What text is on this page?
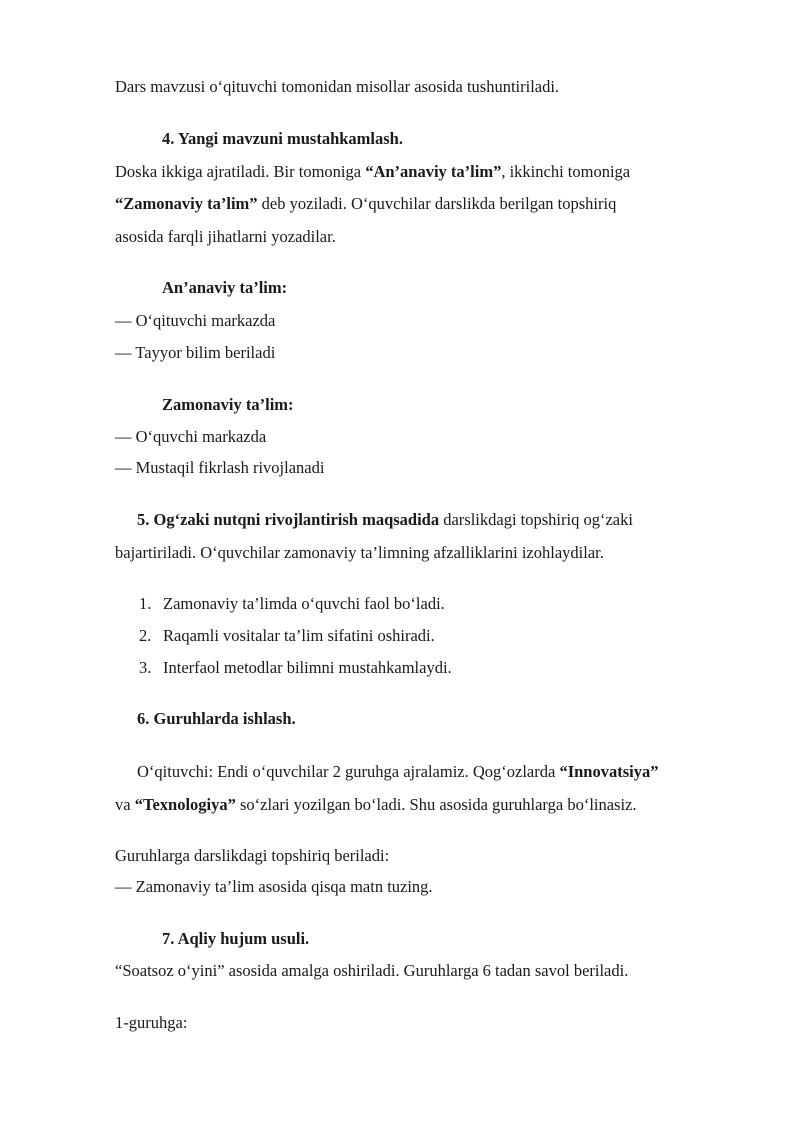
Dars mavzusi o‘qituvchi tomonidan misollar asosida tushuntiriladi.
4. Yangi mavzuni mustahkamlash.
Doska ikkiga ajratiladi. Bir tomoniga “An’anaviy ta’lim”, ikkinchi tomoniga
“Zamonaviy ta’lim” deb yoziladi. O‘quvchilar darslikda berilgan topshiriq
asosida farqli jihatlarni yozadilar.
An’anaviy ta’lim:
— O‘qituvchi markazda
— Tayyor bilim beriladi
Zamonaviy ta’lim:
— O‘quvchi markazda
— Mustaqil fikrlash rivojlanadi
5. Og‘zaki nutqni rivojlantirish maqsadida darslikdagi topshiriq og‘zaki
bajartiriladi. O‘quvchilar zamonaviy ta’limning afzalliklarini izohlaydilar.
1. Zamonaviy ta’limda o‘quvchi faol bo‘ladi.
2. Raqamli vositalar ta’lim sifatini oshiradi.
3. Interfaol metodlar bilimni mustahkamlaydi.
6. Guruhlarda ishlash.
O‘qituvchi: Endi o‘quvchilar 2 guruhga ajralamiz. Qog‘ozlarda “Innovatsiya”
va “Texnologiya” so‘zlari yozilgan bo‘ladi. Shu asosida guruhlarga bo‘linasiz.
Guruhlarga darslikdagi topshiriq beriladi:
— Zamonaviy ta’lim asosida qisqa matn tuzing.
7. Aqliy hujum usuli.
“Soatsoz o‘yini” asosida amalga oshiriladi. Guruhlarga 6 tadan savol beriladi.
1-guruhga:
